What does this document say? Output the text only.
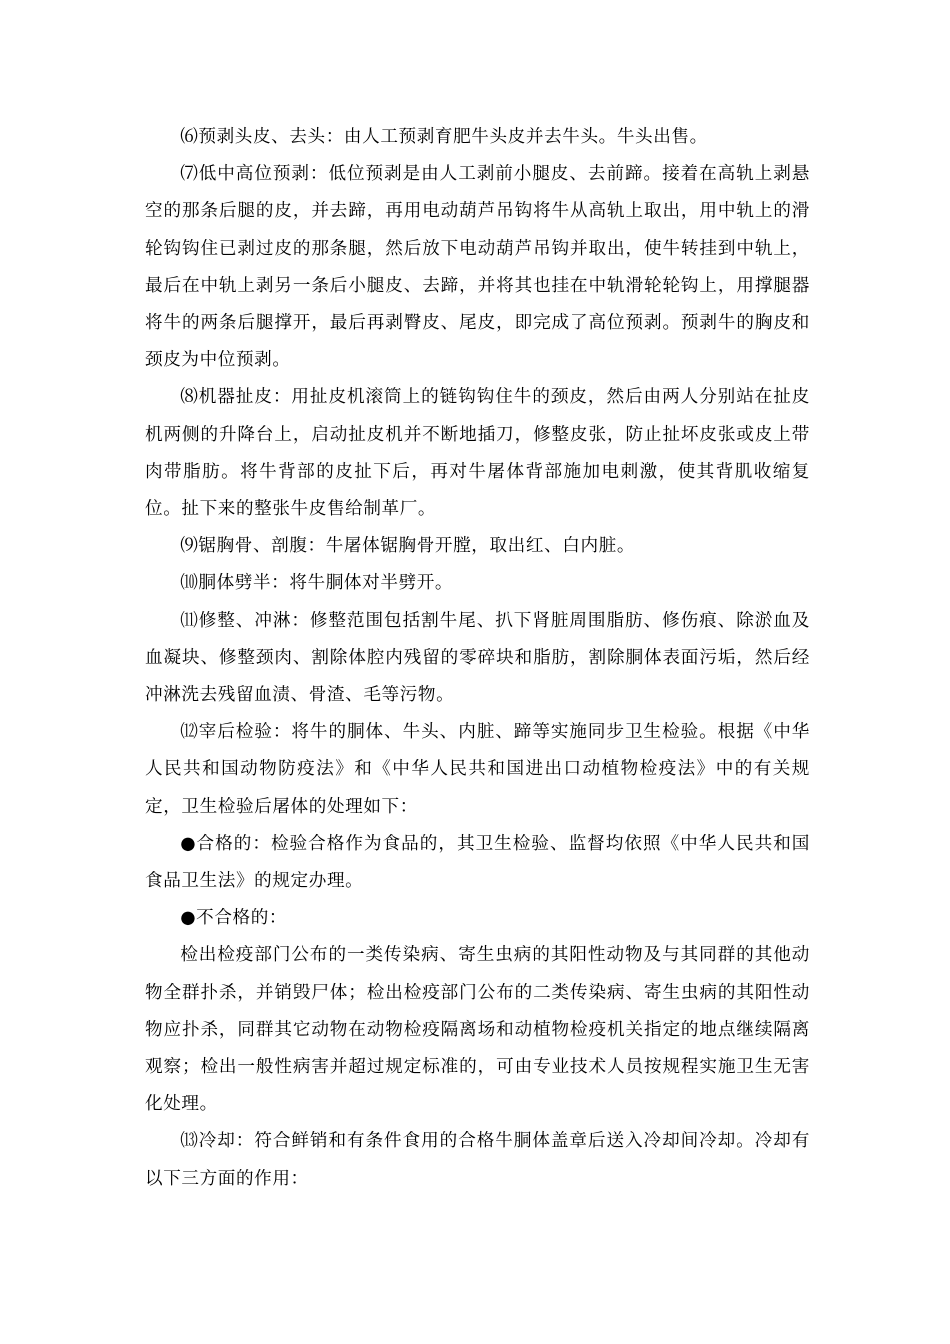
⑹预剥头皮、去头：由人工预剥育肥牛头皮并去牛头。牛头出售。

⑺低中高位预剥：低位预剥是由人工剥前小腿皮、去前蹄。接着在高轨上剥悬空的那条后腿的皮，并去蹄，再用电动葫芦吊钩将牛从高轨上取出，用中轨上的滑轮钩钩住已剥过皮的那条腿，然后放下电动葫芦吊钩并取出，使牛转挂到中轨上，最后在中轨上剥另一条后小腿皮、去蹄，并将其也挂在中轨滑轮轮钩上，用撑腿器将牛的两条后腿撑开，最后再剥臀皮、尾皮，即完成了高位预剥。预剥牛的胸皮和颈皮为中位预剥。

⑻机器扯皮：用扯皮机滚筒上的链钩钩住牛的颈皮，然后由两人分别站在扯皮机两侧的升降台上，启动扯皮机并不断地插刀，修整皮张，防止扯坏皮张或皮上带肉带脂肪。将牛背部的皮扯下后，再对牛屠体背部施加电刺激，使其背肌收缩复位。扯下来的整张牛皮售给制革厂。

⑼锯胸骨、剖腹：牛屠体锯胸骨开膛，取出红、白内脏。

⑽胴体劈半：将牛胴体对半劈开。

⑾修整、冲淋：修整范围包括割牛尾、扒下肾脏周围脂肪、修伤痕、除淤血及血凝块、修整颈肉、割除体腔内残留的零碎块和脂肪，割除胴体表面污垢，然后经冲淋洗去残留血渍、骨渣、毛等污物。

⑿宰后检验：将牛的胴体、牛头、内脏、蹄等实施同步卫生检验。根据《中华人民共和国动物防疫法》和《中华人民共和国进出口动植物检疫法》中的有关规定，卫生检验后屠体的处理如下：

●合格的：检验合格作为食品的，其卫生检验、监督均依照《中华人民共和国食品卫生法》的规定办理。

●不合格的：

检出检疫部门公布的一类传染病、寄生虫病的其阳性动物及与其同群的其他动物全群扑杀，并销毁尸体；检出检疫部门公布的二类传染病、寄生虫病的其阳性动物应扑杀，同群其它动物在动物检疫隔离场和动植物检疫机关指定的地点继续隔离观察；检出一般性病害并超过规定标准的，可由专业技术人员按规程实施卫生无害化处理。

⒀冷却：符合鲜销和有条件食用的合格牛胴体盖章后送入冷却间冷却。冷却有以下三方面的作用：
